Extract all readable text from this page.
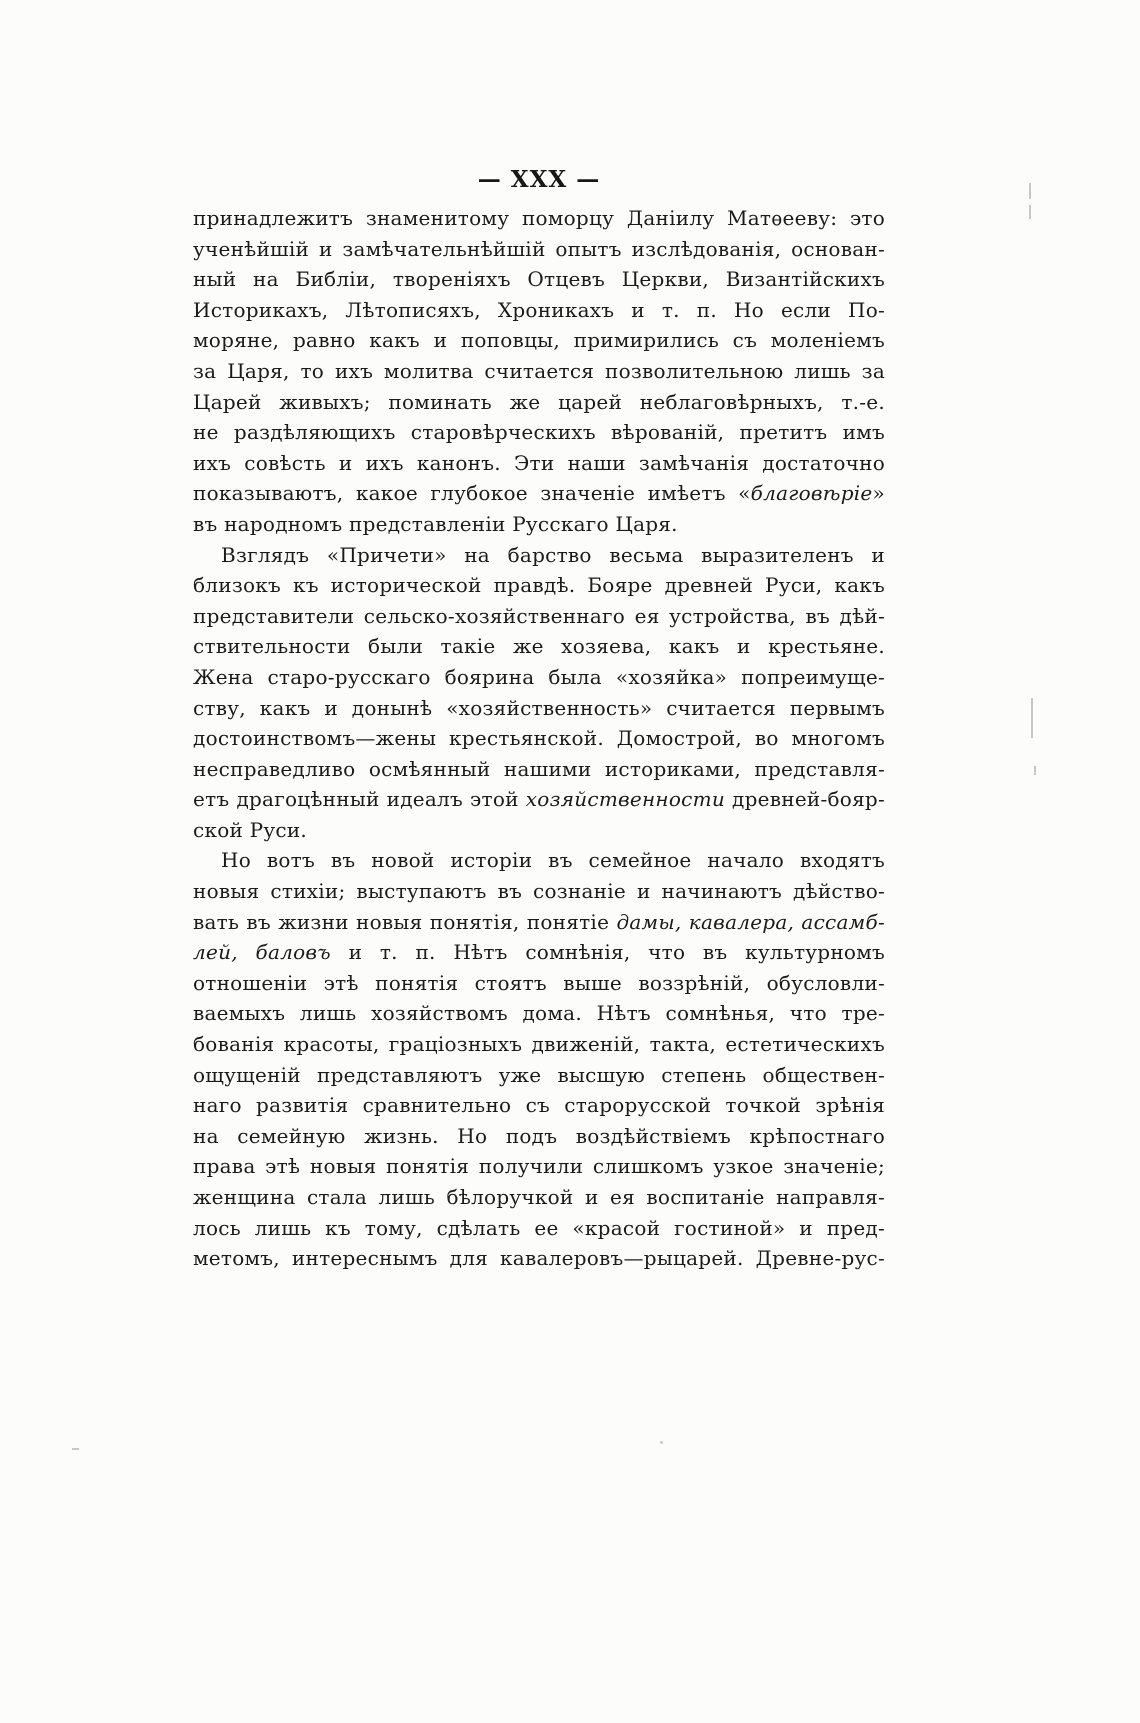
— XXX —
принадлежитъ знаменитому поморцу Даніилу Матѳееву: это
ученѣйшій и замѣчательнѣйшій опытъ изслѣдованія, основан-
ный на Библіи, твореніяхъ Отцевъ Церкви, Византійскихъ
Историкахъ, Лѣтописяхъ, Хроникахъ и т. п. Но если По-
моряне, равно какъ и поповцы, примирились съ моленіемъ
за Царя, то ихъ молитва считается позволительною лишь за
Царей живыхъ; поминать же царей неблаговѣрныхъ, т.-е.
не раздѣляющихъ старовѣрческихъ вѣрованій, претитъ имъ
ихъ совѣсть и ихъ канонъ. Эти наши замѣчанія достаточно
показываютъ, какое глубокое значеніе имѣетъ «благовѣріе»
въ народномъ представленіи Русскаго Царя.
Взглядъ «Причети» на барство весьма выразителенъ и
близокъ къ исторической правдѣ. Бояре древней Руси, какъ
представители сельско-хозяйственнаго ея устройства, въ дѣй-
ствительности были такіе же хозяева, какъ и крестьяне.
Жена старо-русскаго боярина была «хозяйка» попреимуще-
ству, какъ и донынѣ «хозяйственность» считается первымъ
достоинствомъ—жены крестьянской. Домострой, во многомъ
несправедливо осмѣянный нашими историками, представля-
етъ драгоцѣнный идеалъ этой хозяйственности древней-бояр-
ской Руси.
Но вотъ въ новой исторіи въ семейное начало входятъ
новыя стихіи; выступаютъ въ сознаніе и начинаютъ дѣйство-
вать въ жизни новыя понятія, понятіе дамы, кавалера, ассамб-
лей, баловъ и т. п. Нѣтъ сомнѣнія, что въ культурномъ
отношеніи этѣ понятія стоятъ выше воззрѣній, обусловли-
ваемыхъ лишь хозяйствомъ дома. Нѣтъ сомнѣнья, что тре-
бованія красоты, граціозныхъ движеній, такта, естетическихъ
ощущеній представляютъ уже высшую степень обществен-
наго развитія сравнительно съ старорусской точкой зрѣнія
на семейную жизнь. Но подъ воздѣйствіемъ крѣпостнаго
права этѣ новыя понятія получили слишкомъ узкое значеніе;
женщина стала лишь бѣлоручкой и ея воспитаніе направля-
лось лишь къ тому, сдѣлать ее «красой гостиной» и пред-
метомъ, интереснымъ для кавалеровъ—рыцарей. Древне-рус-
